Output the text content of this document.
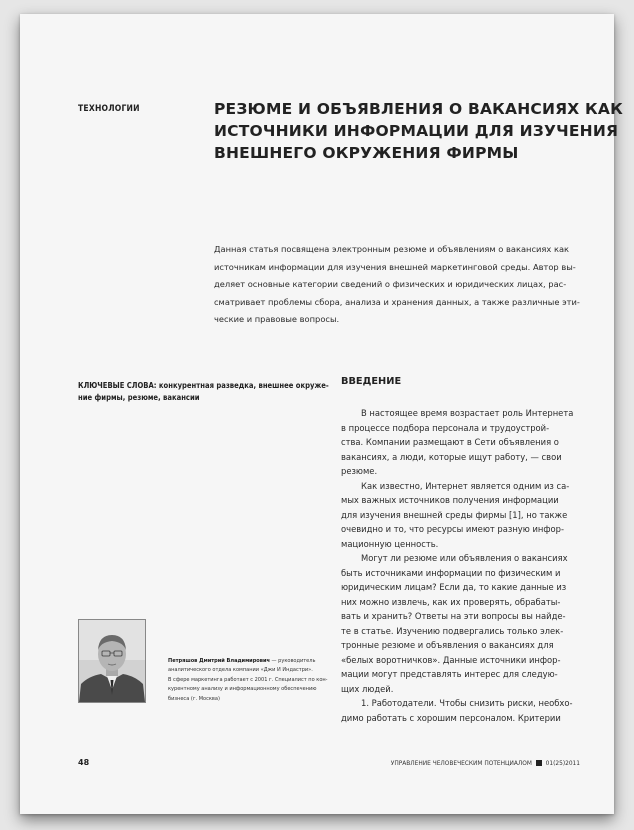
ТЕХНОЛОГИИ	РЕЗЮМЕ И ОБЪЯВЛЕНИЯ О ВАКАНСИЯХ КАК
ИСТОЧНИКИ ИНФОРМАЦИИ ДЛЯ ИЗУЧЕНИЯ
ВНЕШНЕГО ОКРУЖЕНИЯ ФИРМЫ
Данная статья посвящена электронным резюме и объявлениям о вакансиях как
источникам информации для изучения внешней маркетинговой среды. Автор вы-
деляет основные категории сведений о физических и юридических лицах, рас-
сматривает проблемы сбора, анализа и хранения данных, а также различные эти-
ческие и правовые вопросы.
КЛЮЧЕВЫЕ СЛОВА: конкурентная разведка, внешнее окруже-
ние фирмы, резюме, вакансии
ВВЕДЕНИЕ
В настоящее время возрастает роль Интернета
в процессе подбора персонала и трудоустрой-
ства. Компании размещают в Сети объявления о
вакансиях, а люди, которые ищут работу, — свои
резюме.
Как известно, Интернет является одним из са-
мых важных источников получения информации
для изучения внешней среды фирмы [1], но также
очевидно и то, что ресурсы имеют разную инфор-
мационную ценность.
Могут ли резюме или объявления о вакансиях
быть источниками информации по физическим и
юридическим лицам? Если да, то какие данные из
них можно извлечь, как их проверять, обрабаты-
вать и хранить? Ответы на эти вопросы вы найде-
те в статье. Изучению подвергались только элек-
тронные резюме и объявления о вакансиях для
«белых воротничков». Данные источники инфор-
мации могут представлять интерес для следую-
щих людей.
1. Работодатели. Чтобы снизить риски, необхо-
димо работать с хорошим персоналом. Критерии
Петряшов Дмитрий Владимирович — руководитель
аналитического отдела компании «Джи И Индастри».
В сфере маркетинга работает с 2001 г. Специалист по кон-
курентному анализу и информационному обеспечению
бизнеса (г. Москва)
48	УПРАВЛЕНИЕ ЧЕЛОВЕЧЕСКИМ ПОТЕНЦИАЛОМ 01(25)2011
